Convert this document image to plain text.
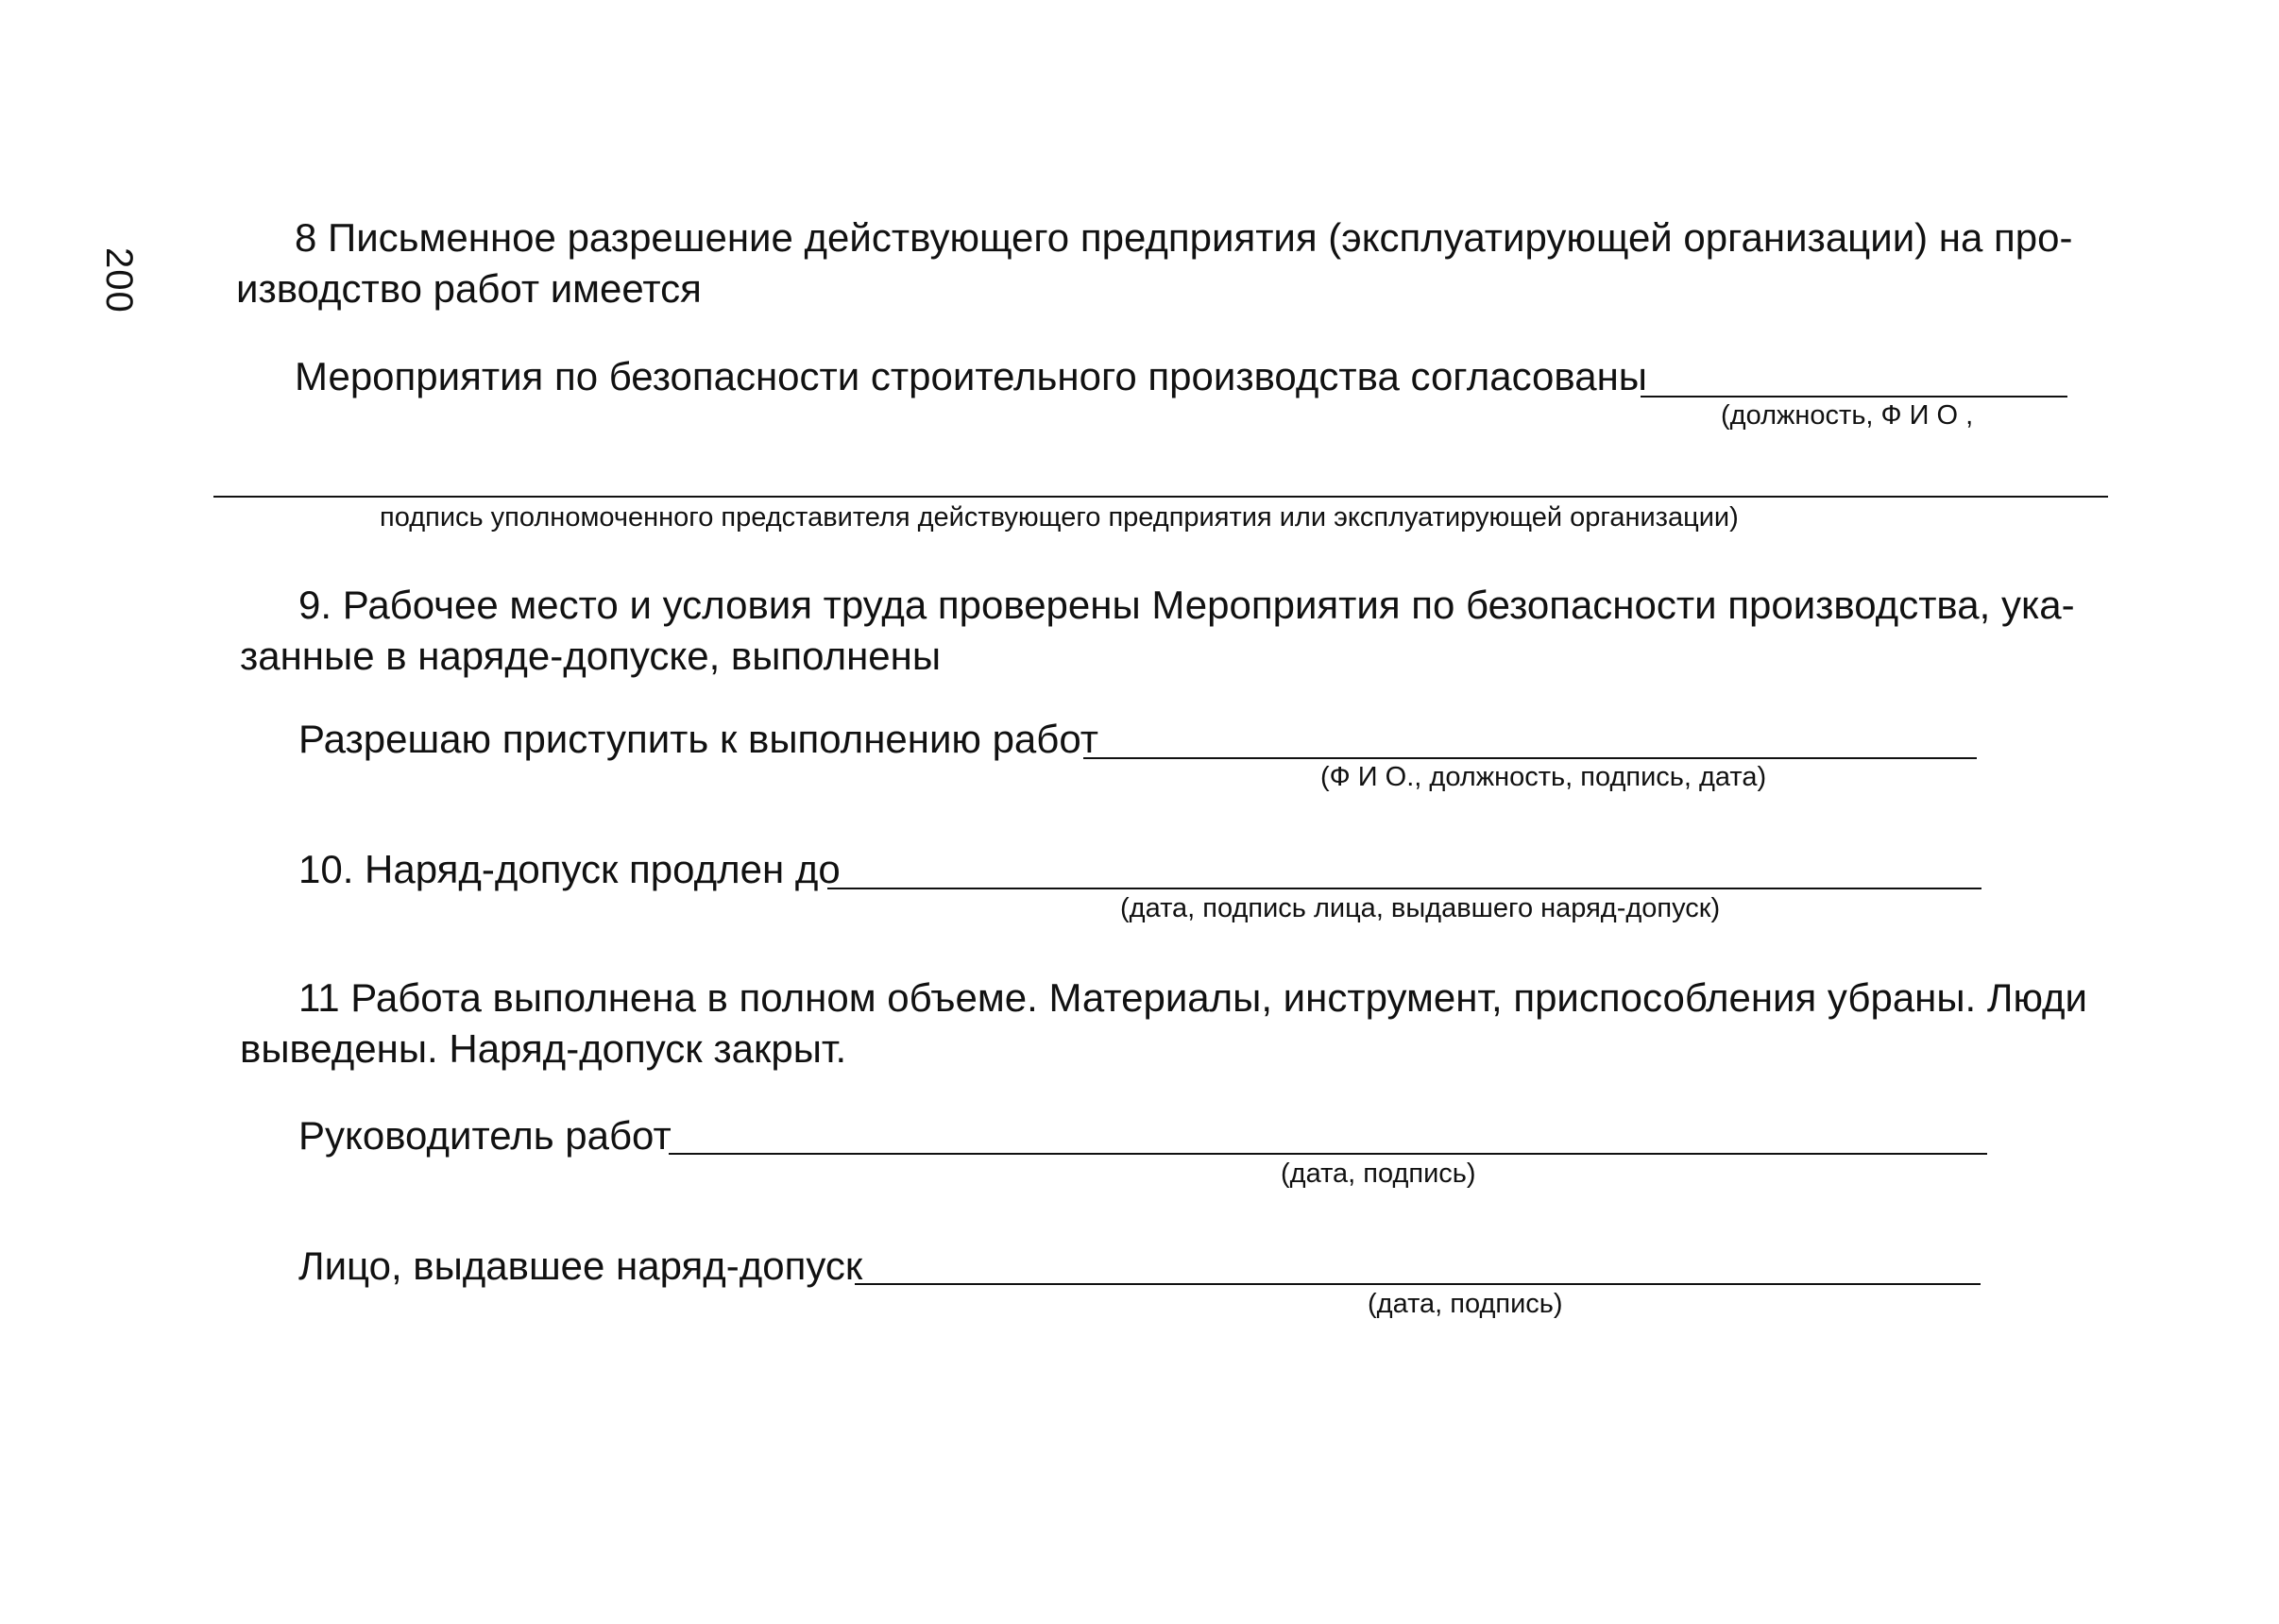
200
8 Письменное разрешение действующего предприятия (эксплуатирующей организации) на про-
изводство работ имеется
Мероприятия по безопасности строительного производства согласованы
(должность, Ф И О ,
подпись уполномоченного представителя действующего предприятия или эксплуатирующей организации)
9. Рабочее место и условия труда проверены Мероприятия по безопасности производства, ука-
занные в наряде-допуске, выполнены
Разрешаю приступить к выполнению работ
(Ф И О., должность, подпись, дата)
10. Наряд-допуск продлен до
(дата, подпись лица, выдавшего наряд-допуск)
11 Работа выполнена в полном объеме. Материалы, инструмент, приспособления убраны. Люди
выведены. Наряд-допуск закрыт.
Руководитель работ
(дата, подпись)
Лицо, выдавшее наряд-допуск
(дата, подпись)
